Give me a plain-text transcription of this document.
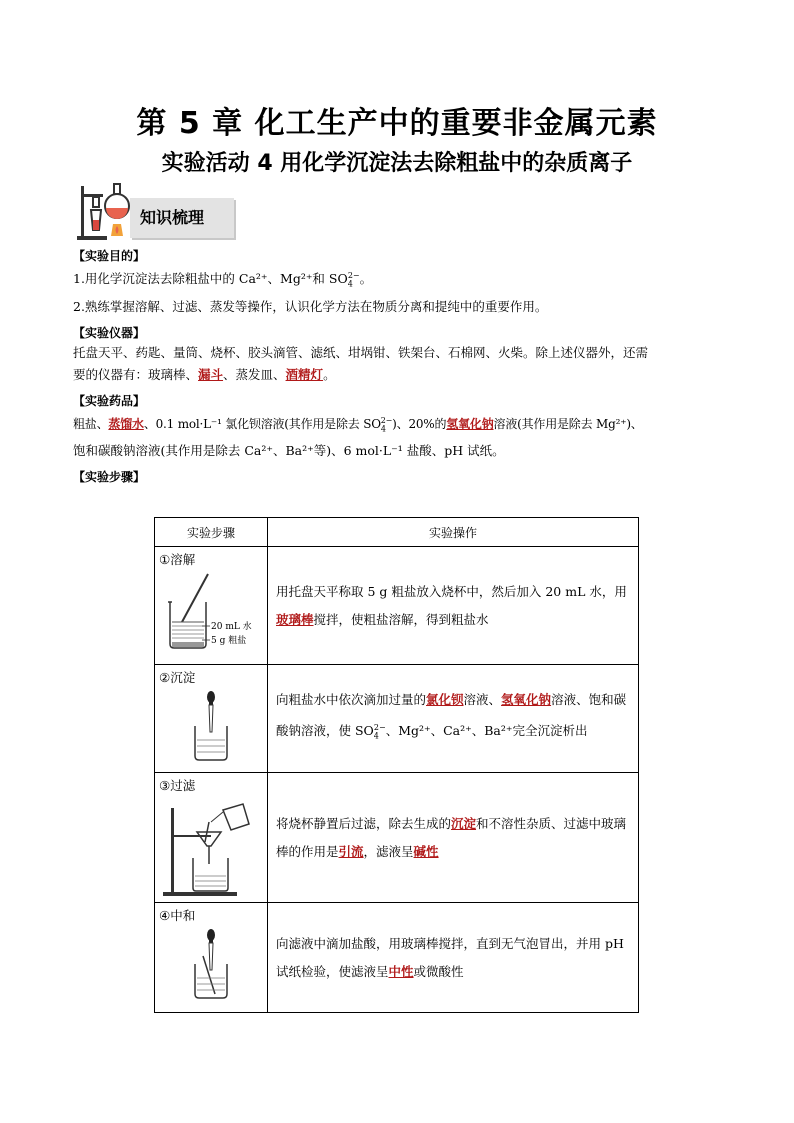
第 5 章 化工生产中的重要非金属元素
实验活动 4 用化学沉淀法去除粗盐中的杂质离子
知识梳理

【实验目的】

1.用化学沉淀法去除粗盐中的 Ca²⁺、Mg²⁺和 $SO_4^{2-}$。

2.熟练掌握溶解、过滤、蒸发等操作，认识化学方法在物质分离和提纯中的重要作用。

【实验仪器】

托盘天平、药匙、量筒、烧杯、胶头滴管、滤纸、坩埚钳、铁架台、石棉网、火柴。除上述仪器外，还需

要的仪器有：玻璃棒、漏斗、蒸发皿、酒精灯。

【实验药品】

粗盐、蒸馏水、0.1 mol·L⁻¹ 氯化钡溶液(其作用是除去 $SO_4^{2-}$)、20%的氢氧化钠溶液(其作用是除去 Mg²⁺)、

饱和碳酸钠溶液(其作用是除去 Ca²⁺、Ba²⁺等)、6 mol·L⁻¹ 盐酸、pH 试纸。

【实验步骤】

实验步骤	实验操作

①溶解
20 mL 水
5 g 粗盐	用托盘天平称取 5 g 粗盐放入烧杯中，然后加入 20 mL 水，用玻璃棒搅拌，使粗盐溶解，得到粗盐水

②沉淀	向粗盐水中依次滴加过量的氯化钡溶液、氢氧化钠溶液、饱和碳酸钠溶液，使 $SO_4^{2-}$、Mg²⁺、Ca²⁺、Ba²⁺完全沉淀析出

③过滤	将烧杯静置后过滤，除去生成的沉淀和不溶性杂质、过滤中玻璃棒的作用是引流，滤液呈碱性

④中和	向滤液中滴加盐酸，用玻璃棒搅拌，直到无气泡冒出，并用 pH 试纸检验，使滤液呈中性或微酸性
